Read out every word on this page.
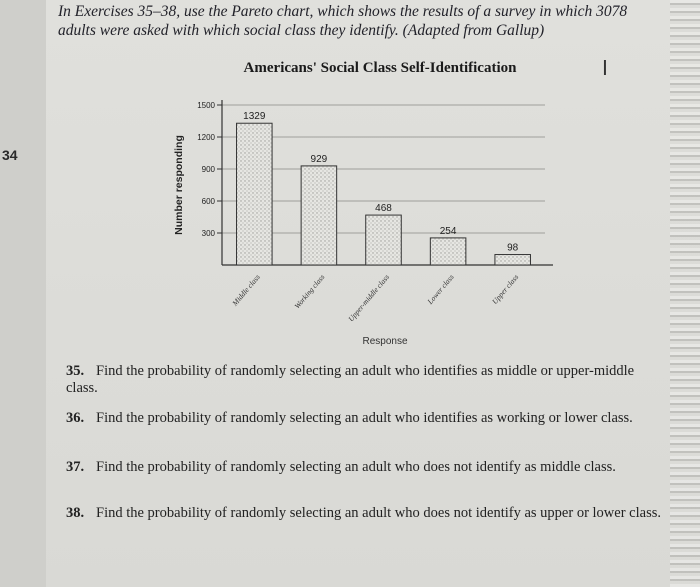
34
In Exercises 35–38, use the Pareto chart, which shows the results of a survey in which 3078 adults were asked with which social class they identify. (Adapted from Gallup)
I
Americans' Social Class Self-Identification
1329
929
468
254
98
300
600
900
1200
1500
Middle class	Working class	Upper-middle class	Lower class	Upper class
Number responding
Response
35. Find the probability of randomly selecting an adult who identifies as middle or upper-middle class.
36. Find the probability of randomly selecting an adult who identifies as working or lower class.
37. Find the probability of randomly selecting an adult who does not identify as middle class.
38. Find the probability of randomly selecting an adult who does not identify as upper or lower class.
